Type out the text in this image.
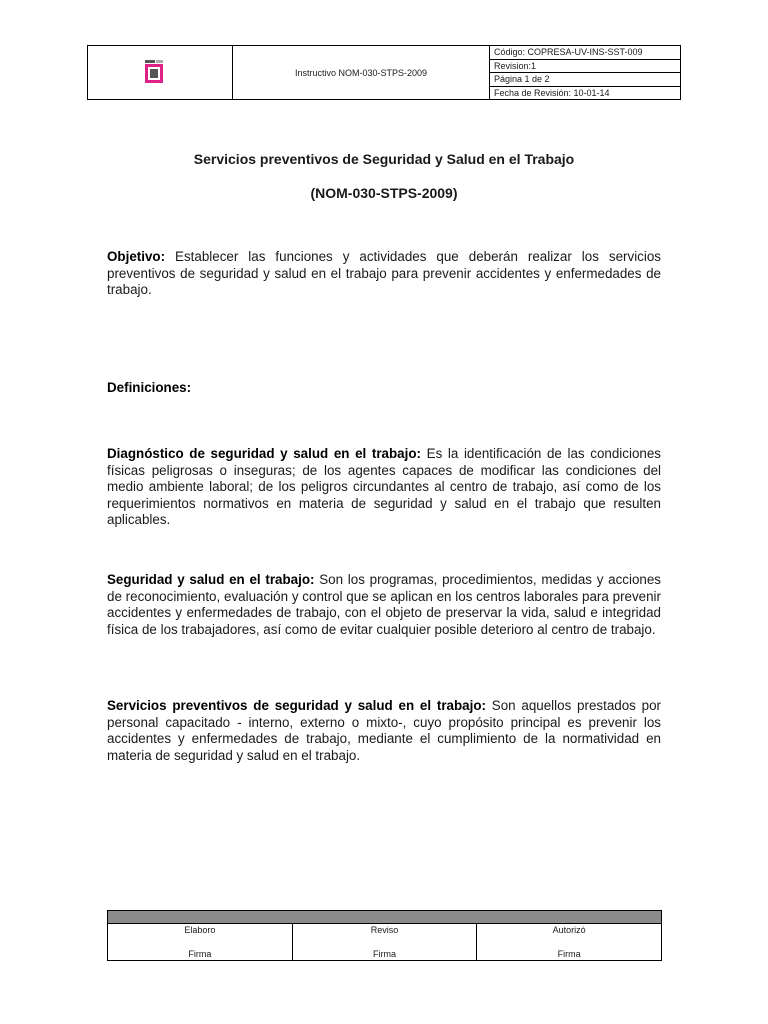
Instructivo NOM-030-STPS-2009
Código: COPRESA-UV-INS-SST-009
Revision:1
Página 1 de 2
Fecha de Revisión: 10-01-14
Servicios preventivos de Seguridad y Salud en el Trabajo
(NOM-030-STPS-2009)
Objetivo: Establecer las funciones y actividades que deberán realizar los servicios preventivos de seguridad y salud en el trabajo para prevenir accidentes y enfermedades de trabajo.
Definiciones:
Diagnóstico de seguridad y salud en el trabajo: Es la identificación de las condiciones físicas peligrosas o inseguras; de los agentes capaces de modificar las condiciones del medio ambiente laboral; de los peligros circundantes al centro de trabajo, así como de los requerimientos normativos en materia de seguridad y salud en el trabajo que resulten aplicables.
Seguridad y salud en el trabajo: Son los programas, procedimientos, medidas y acciones de reconocimiento, evaluación y control que se aplican en los centros laborales para prevenir accidentes y enfermedades de trabajo, con el objeto de preservar la vida, salud e integridad física de los trabajadores, así como de evitar cualquier posible deterioro al centro de trabajo.
Servicios preventivos de seguridad y salud en el trabajo: Son aquellos prestados por personal capacitado - interno, externo o mixto-, cuyo propósito principal es prevenir los accidentes y enfermedades de trabajo, mediante el cumplimiento de la normatividad en materia de seguridad y salud en el trabajo.
Elaboro
Firma
Reviso
Firma
Autorizó
Firma
